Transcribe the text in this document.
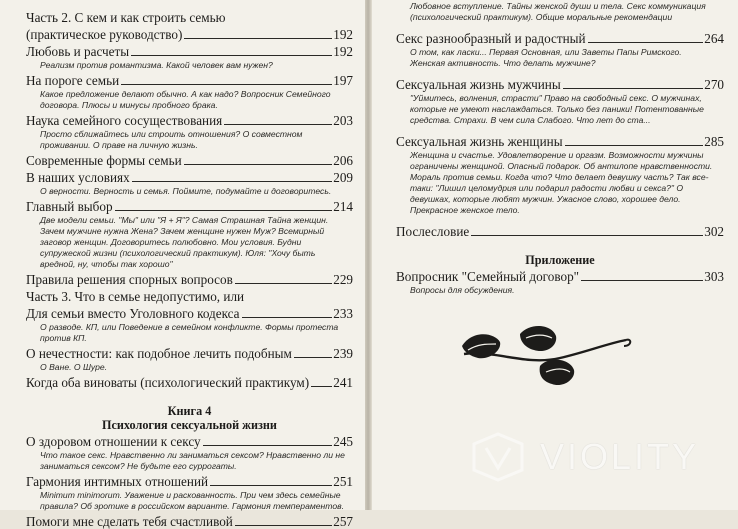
Часть 2. С кем и как строить семью
(практическое руководство)	192
Любовь и расчеты	192
Реализм против романтизма. Какой человек вам нужен?
На пороге семьи	197
Какое предложение делают обычно. А как надо? Вопросник Семейного договора. Плюсы и минусы пробного брака.
Наука семейного сосуществования	203
Просто сближайтесь или строить отношения? О совместном проживании. О праве на личную жизнь.
Современные формы семьи	206
В наших условиях	209
О верности. Верность и семья. Поймите, подумайте и договоритесь.
Главный выбор	214
Две модели семьи. "Мы" или "Я + Я"? Самая Страшная Тайна женщин. Зачем мужчине нужна Жена? Зачем женщине нужен Муж? Всемирный заговор женщин. Договоритесь полюбовно. Мои условия. Будни супружеской жизни (психологический практикум). Юля: "Хочу быть вредной, ну, чтобы так хорошо"
Правила решения спорных вопросов	229
Часть 3. Что в семье недопустимо, или
Для семьи вместо Уголовного кодекса	233
О разводе. КП, или Поведение в семейном конфликте. Формы протеста против КП.
О нечестности: как подобное лечить подобным	239
О Ване. О Шуре.
Когда оба виноваты (психологический практикум) 241
Книга 4
Психология сексуальной жизни
О здоровом отношении к сексу	245
Что такое секс. Нравственно ли заниматься сексом? Нравственно ли не заниматься сексом? Не будьте его суррогаты.
Гармония интимных отношений	251
Minimum minimorum. Уважение и раскованность. При чем здесь семейные правила? Об эротике в российском варианте. Гармония темпераментов.
Помоги мне сделать тебя счастливой	257
Любовное вступление. Тайны женской души и тела. Секс коммуникация (психологический практикум). Общие моральные рекомендации
Секс разнообразный и радостный	264
О том, как ласки... Первая Основная, или Заветы Папы Римского. Женская активность. Что делать мужчине?
Сексуальная жизнь мужчины	270
"Уймитесь, волнения, страсти" Право на свободный секс. О мужчинах, которые не умеют наслаждаться. Только без паники! Потентованные средства. Страхи. В чем сила Слабого. Что лет до ста...
Сексуальная жизнь женщины	285
Женщина и счастье. Удовлетворение и оргазм. Возможности мужчины ограничены женщиной. Опасный подарок. Об антилопе нравственности. Мораль против семьи. Когда что? Что делает девушку часть? Так все-таки: "Лишил целомудрия или подарил радости любви и секса?" О девушках, которые любят мужчин. Ужасное слово, хорошее дело. Прекрасное женское тело.
Послесловие	302
Приложение
Вопросник "Семейный договор"	303
Вопросы для обсуждения.
VIOLITY
